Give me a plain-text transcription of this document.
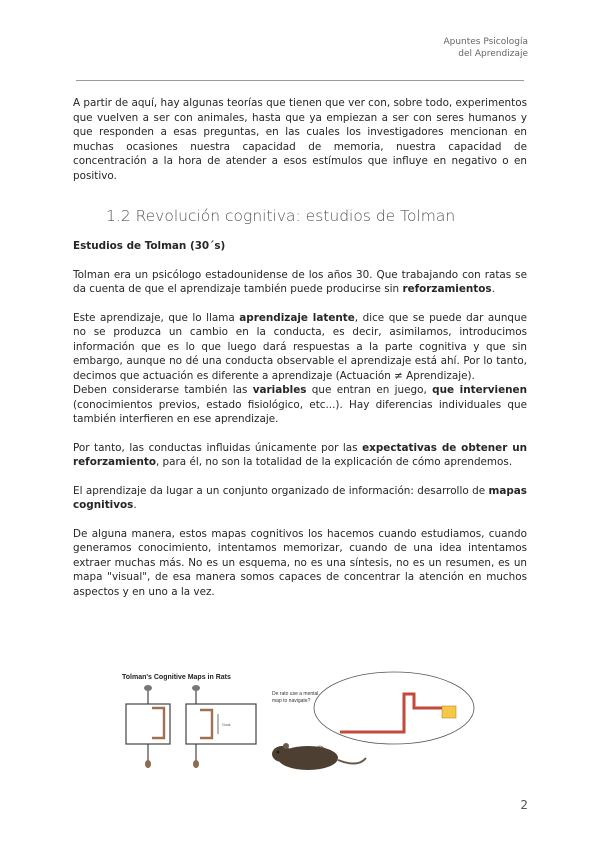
Apuntes Psicología
del Aprendizaje

A partir de aquí, hay algunas teorías que tienen que ver con, sobre todo, experimentos que vuelven a ser con animales, hasta que ya empiezan a ser con seres humanos y que responden a esas preguntas, en las cuales los investigadores mencionan en muchas ocasiones nuestra capacidad de memoria, nuestra capacidad de concentración a la hora de atender a esos estímulos que influye en negativo o en positivo.

1.2 Revolución cognitiva: estudios de Tolman

Estudios de Tolman (30´s)

Tolman era un psicólogo estadounidense de los años 30. Que trabajando con ratas se da cuenta de que el aprendizaje también puede producirse sin reforzamientos.

Este aprendizaje, que lo llama aprendizaje latente, dice que se puede dar aunque no se produzca un cambio en la conducta, es decir, asimilamos, introducimos información que es lo que luego dará respuestas a la parte cognitiva y que sin embargo, aunque no dé una conducta observable el aprendizaje está ahí. Por lo tanto, decimos que actuación es diferente a aprendizaje (Actuación ≠ Aprendizaje).

Deben considerarse también las variables que entran en juego, que intervienen (conocimientos previos, estado fisiológico, etc...). Hay diferencias individuales que también interfieren en ese aprendizaje.

Por tanto, las conductas influidas únicamente por las expectativas de obtener un reforzamiento, para él, no son la totalidad de la explicación de cómo aprendemos.

El aprendizaje da lugar a un conjunto organizado de información: desarrollo de mapas cognitivos.

De alguna manera, estos mapas cognitivos los hacemos cuando estudiamos, cuando generamos conocimiento, intentamos memorizar, cuando de una idea intentamos extraer muchas más. No es un esquema, no es una síntesis, no es un resumen, es un mapa "visual", de esa manera somos capaces de concentrar la atención en muchos aspectos y en uno a la vez.

Tolman's Cognitive Maps in Rats
Goal
De rato use a mental
map to navigate?
2
